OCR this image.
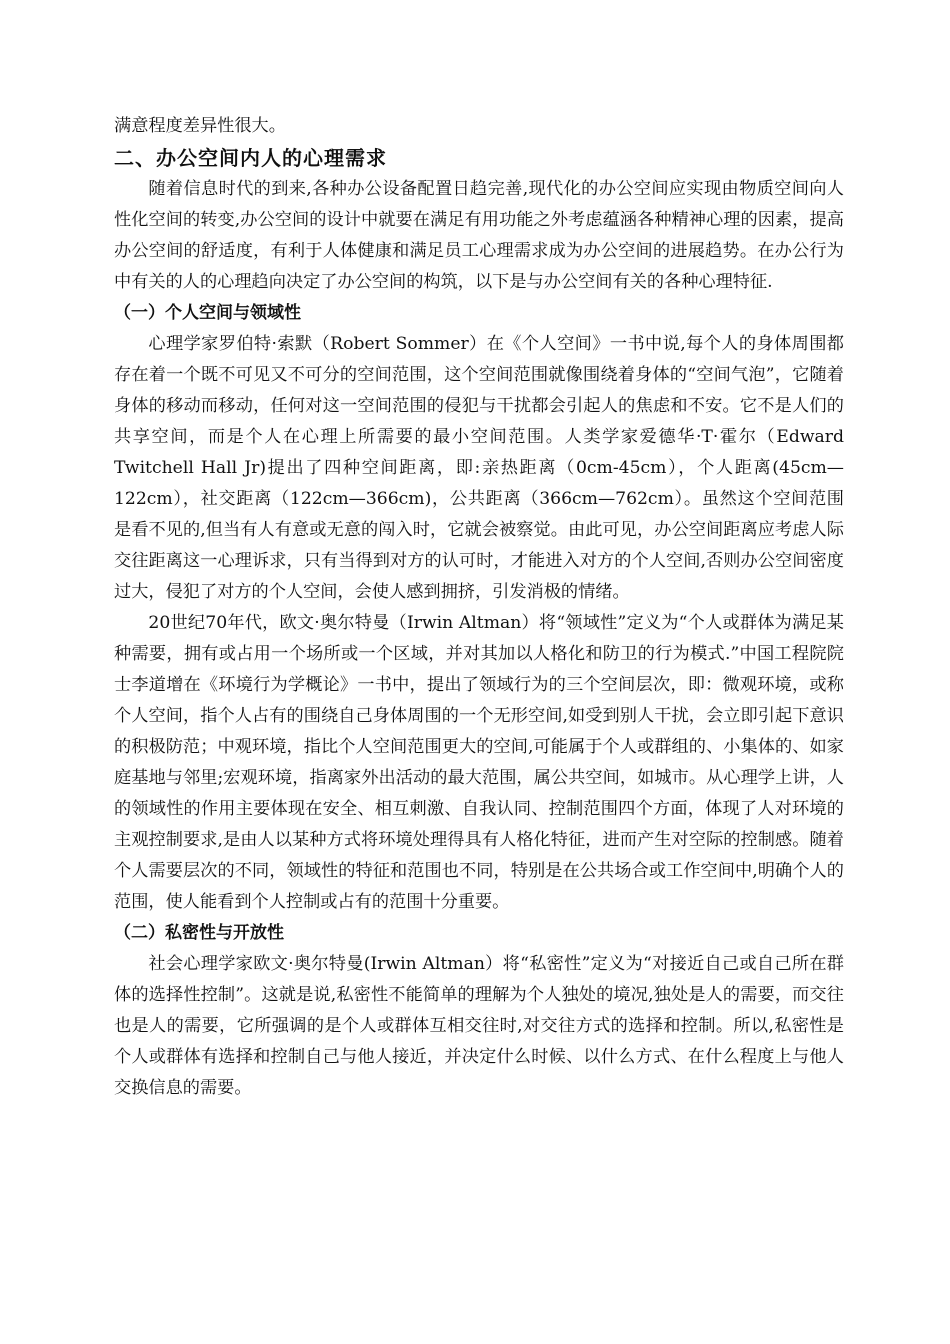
满意程度差异性很大。

二、办公空间内人的心理需求

随着信息时代的到来,各种办公设备配置日趋完善,现代化的办公空间应实现由物质空间向人性化空间的转变,办公空间的设计中就要在满足有用功能之外考虑蕴涵各种精神心理的因素，提高办公空间的舒适度，有利于人体健康和满足员工心理需求成为办公空间的进展趋势。在办公行为中有关的人的心理趋向决定了办公空间的构筑，以下是与办公空间有关的各种心理特征.

（一）个人空间与领域性

心理学家罗伯特·索默（Robert Sommer）在《个人空间》一书中说,每个人的身体周围都存在着一个既不可见又不可分的空间范围，这个空间范围就像围绕着身体的“空间气泡”，它随着身体的移动而移动，任何对这一空间范围的侵犯与干扰都会引起人的焦虑和不安。它不是人们的共享空间，而是个人在心理上所需要的最小空间范围。人类学家爱德华·T·霍尔（Edward Twitchell Hall Jr)提出了四种空间距离，即:亲热距离（0cm-45cm），个人距离(45cm—122cm），社交距离（122cm—366cm)，公共距离（366cm—762cm）。虽然这个空间范围是看不见的,但当有人有意或无意的闯入时，它就会被察觉。由此可见，办公空间距离应考虑人际交往距离这一心理诉求，只有当得到对方的认可时，才能进入对方的个人空间,否则办公空间密度过大，侵犯了对方的个人空间，会使人感到拥挤，引发消极的情绪。

20世纪70年代，欧文·奥尔特曼（Irwin Altman）将“领域性”定义为“个人或群体为满足某种需要，拥有或占用一个场所或一个区域，并对其加以人格化和防卫的行为模式.”中国工程院院士李道增在《环境行为学概论》一书中，提出了领域行为的三个空间层次，即：微观环境，或称个人空间，指个人占有的围绕自己身体周围的一个无形空间,如受到别人干扰，会立即引起下意识的积极防范；中观环境，指比个人空间范围更大的空间,可能属于个人或群组的、小集体的、如家庭基地与邻里;宏观环境，指离家外出活动的最大范围，属公共空间，如城市。从心理学上讲，人的领域性的作用主要体现在安全、相互刺激、自我认同、控制范围四个方面，体现了人对环境的主观控制要求,是由人以某种方式将环境处理得具有人格化特征，进而产生对空际的控制感。随着个人需要层次的不同，领域性的特征和范围也不同，特别是在公共场合或工作空间中,明确个人的范围，使人能看到个人控制或占有的范围十分重要。

（二）私密性与开放性

社会心理学家欧文·奥尔特曼(Irwin Altman）将“私密性”定义为“对接近自己或自己所在群体的选择性控制”。这就是说,私密性不能简单的理解为个人独处的境况,独处是人的需要，而交往也是人的需要，它所强调的是个人或群体互相交往时,对交往方式的选择和控制。所以,私密性是个人或群体有选择和控制自己与他人接近，并决定什么时候、以什么方式、在什么程度上与他人交换信息的需要。
